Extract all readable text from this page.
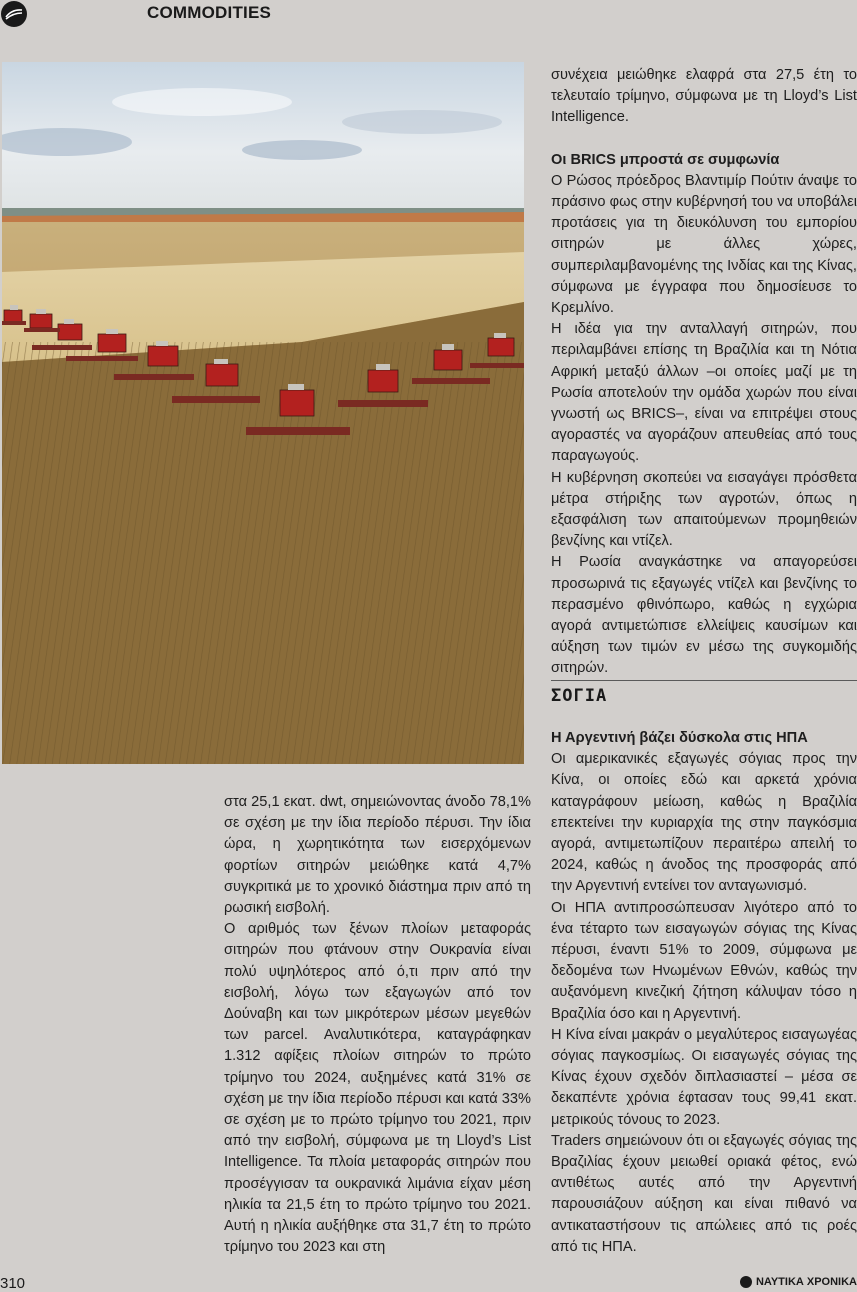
COMMODITIES

στα 25,1 εκατ. dwt, σημειώνοντας άνοδο 78,1% σε σχέση με την ίδια περίοδο πέρυσι. Την ίδια ώρα, η χωρητικότητα των εισερχόμενων φορτίων σιτηρών μειώθηκε κατά 4,7% συγκριτικά με το χρονικό διάστημα πριν από τη ρωσική εισβολή.

Ο αριθμός των ξένων πλοίων μεταφοράς σιτηρών που φτάνουν στην Ουκρανία είναι πολύ υψηλότερος από ό,τι πριν από την εισβολή, λόγω των εξαγωγών από τον Δούναβη και των μικρότερων μέσων μεγεθών των parcel. Αναλυτικότερα, καταγράφηκαν 1.312 αφίξεις πλοίων σιτηρών το πρώτο τρίμηνο του 2024, αυξημένες κατά 31% σε σχέση με την ίδια περίοδο πέρυσι και κατά 33% σε σχέση με το πρώτο τρίμηνο του 2021, πριν από την εισβολή, σύμφωνα με τη Lloyd’s List Intelligence. Τα πλοία μεταφοράς σιτηρών που προσέγγισαν τα ουκρανικά λιμάνια είχαν μέση ηλικία τα 21,5 έτη το πρώτο τρίμηνο του 2021. Αυτή η ηλικία αυξήθηκε στα 31,7 έτη το πρώτο τρίμηνο του 2023 και στη

συνέχεια μειώθηκε ελαφρά στα 27,5 έτη το τελευταίο τρίμηνο, σύμφωνα με τη Lloyd’s List Intelligence.

Οι BRICS μπροστά σε συμφωνία

Ο Ρώσος πρόεδρος Βλαντιμίρ Πούτιν άναψε το πράσινο φως στην κυβέρνησή του να υποβάλει προτάσεις για τη διευκόλυνση του εμπορίου σιτηρών με άλλες χώρες, συμπεριλαμβανομένης της Ινδίας και της Κίνας, σύμφωνα με έγγραφα που δημοσίευσε το Κρεμλίνο.

Η ιδέα για την ανταλλαγή σιτηρών, που περιλαμβάνει επίσης τη Βραζιλία και τη Νότια Αφρική μεταξύ άλλων –οι οποίες μαζί με τη Ρωσία αποτελούν την ομάδα χωρών που είναι γνωστή ως BRICS–, είναι να επιτρέψει στους αγοραστές να αγοράζουν απευθείας από τους παραγωγούς.

Η κυβέρνηση σκοπεύει να εισαγάγει πρόσθετα μέτρα στήριξης των αγροτών, όπως η εξασφάλιση των απαιτούμενων προμηθειών βενζίνης και ντίζελ.

Η Ρωσία αναγκάστηκε να απαγορεύσει προσωρινά τις εξαγωγές ντίζελ και βενζίνης το περασμένο φθινόπωρο, καθώς η εγχώρια αγορά αντιμετώπισε ελλείψεις καυσίμων και αύξηση των τιμών εν μέσω της συγκομιδής σιτηρών.

ΣΟΓΙΑ
Η Αργεντινή βάζει δύσκολα στις ΗΠΑ

Οι αμερικανικές εξαγωγές σόγιας προς την Κίνα, οι οποίες εδώ και αρκετά χρόνια καταγράφουν μείωση, καθώς η Βραζιλία επεκτείνει την κυριαρχία της στην παγκόσμια αγορά, αντιμετωπίζουν περαιτέρω απειλή το 2024, καθώς η άνοδος της προσφοράς από την Αργεντινή εντείνει τον ανταγωνισμό.

Οι ΗΠΑ αντιπροσώπευσαν λιγότερο από το ένα τέταρτο των εισαγωγών σόγιας της Κίνας πέρυσι, έναντι 51% το 2009, σύμφωνα με δεδομένα των Ηνωμένων Εθνών, καθώς την αυξανόμενη κινεζική ζήτηση κάλυψαν τόσο η Βραζιλία όσο και η Αργεντινή.

Η Κίνα είναι μακράν ο μεγαλύτερος εισαγωγέας σόγιας παγκοσμίως. Οι εισαγωγές σόγιας της Κίνας έχουν σχεδόν διπλασιαστεί – μέσα σε δεκαπέντε χρόνια έφτασαν τους 99,41 εκατ. μετρικούς τόνους το 2023.

Traders σημειώνουν ότι οι εξαγωγές σόγιας της Βραζιλίας έχουν μειωθεί οριακά φέτος, ενώ αντιθέτως αυτές από την Αργεντινή παρουσιάζουν αύξηση και είναι πιθανό να αντικαταστήσουν τις απώλειες από τις ροές από τις ΗΠΑ.

310	ΝΑΥΤΙΚΑ ΧΡΟΝΙΚΑ
